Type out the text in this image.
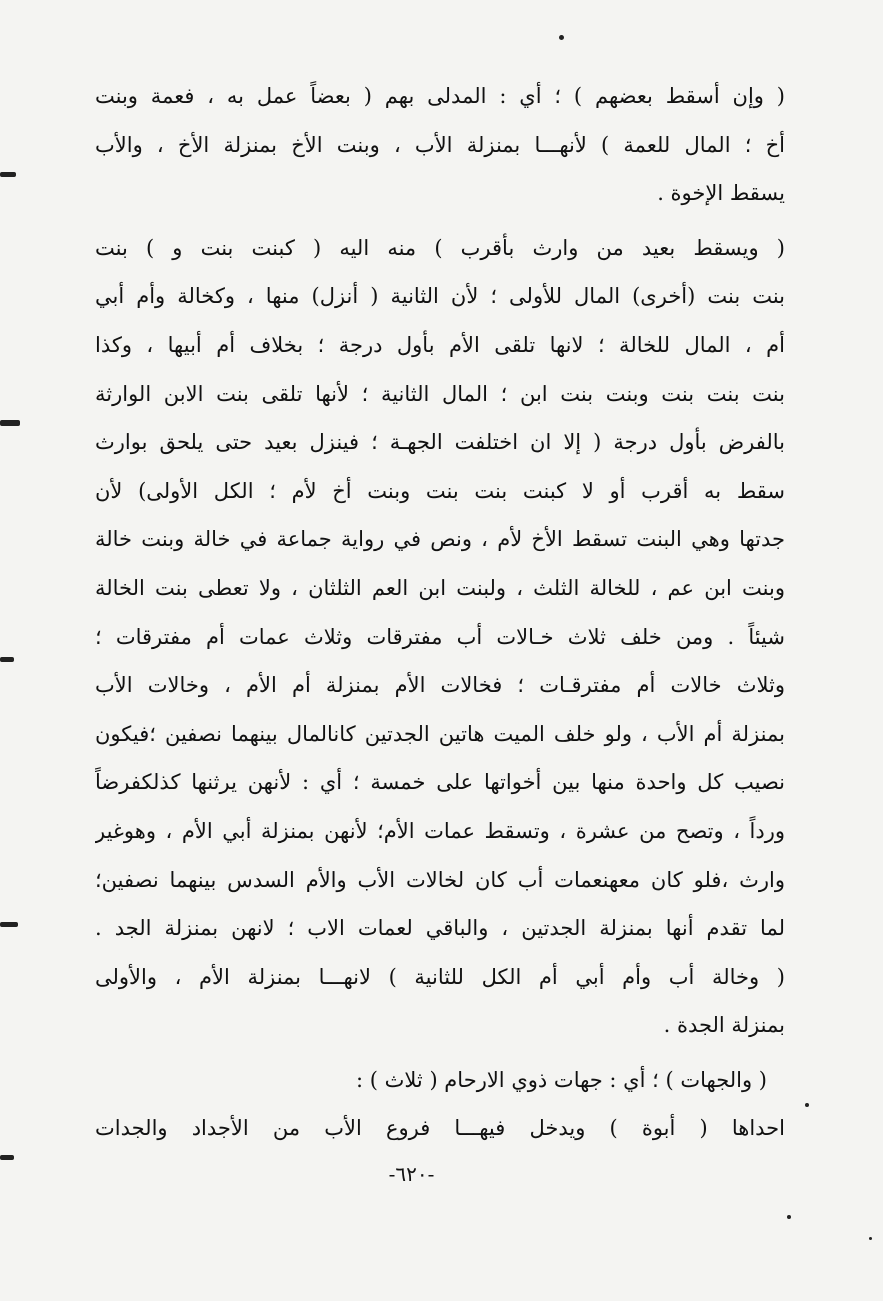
( وإن أسقط بعضهم ) ؛ أي : المدلى بهم ( بعضاً عمل به ، فعمة وبنت
أخ ؛ المال للعمة ) لأنهـــا بمنزلة الأب ، وبنت الأخ بمنزلة الأخ ، والأب
يسقط الإخوة .
( ويسقط بعيد من وارث بأقرب ) منه اليه ( كبنت بنت و ) بنت
بنت بنت (أخرى) المال للأولى ؛ لأن الثانية ( أنزل) منها ، وكخالة وأم أبي
أم ، المال للخالة ؛ لانها تلقى الأم بأول درجة ؛ بخلاف أم أبيها ، وكذا
بنت بنت بنت وبنت بنت ابن ؛ المال الثانية ؛ لأنها تلقى بنت الابن الوارثة
بالفرض بأول درجة ( إلا ان اختلفت الجهـة ؛ فينزل بعيد حتى يلحق بوارث
سقط به أقرب أو لا كبنت بنت بنت وبنت أخ لأم ؛ الكل الأولى) لأن
جدتها وهي البنت تسقط الأخ لأم ، ونص في رواية جماعة في خالة وبنت خالة
وبنت ابن عم ، للخالة الثلث ، ولبنت ابن العم الثلثان ، ولا تعطى بنت الخالة
شيئاً . ومن خلف ثلاث خـالات أب مفترقات وثلاث عمات أم مفترقات ؛
وثلاث خالات أم مفترقـات ؛ فخالات الأم بمنزلة أم الأم ، وخالات الأب
بمنزلة أم الأب ، ولو خلف الميت هاتين الجدتين كانالمال بينهما نصفين ؛فيكون
نصيب كل واحدة منها بين أخواتها على خمسة ؛ أي : لأنهن يرثنها كذلكفرضاً
ورداً ، وتصح من عشرة ، وتسقط عمات الأم؛ لأنهن بمنزلة أبي الأم ، وهوغير
وارث ،فلو كان معهنعمات أب كان لخالات الأب والأم السدس بينهما نصفين؛
لما تقدم أنها بمنزلة الجدتين ، والباقي لعمات الاب ؛ لانهن بمنزلة الجد .
( وخالة أب وأم أبي أم الكل للثانية ) لانهـــا بمنزلة الأم ، والأولى
بمنزلة الجدة .
( والجهات ) ؛ أي : جهات ذوي الارحام ( ثلاث ) :
احداها ( أبوة ) ويدخل فيهـــا فروع الأب من الأجداد والجدات
-٦٢٠-
